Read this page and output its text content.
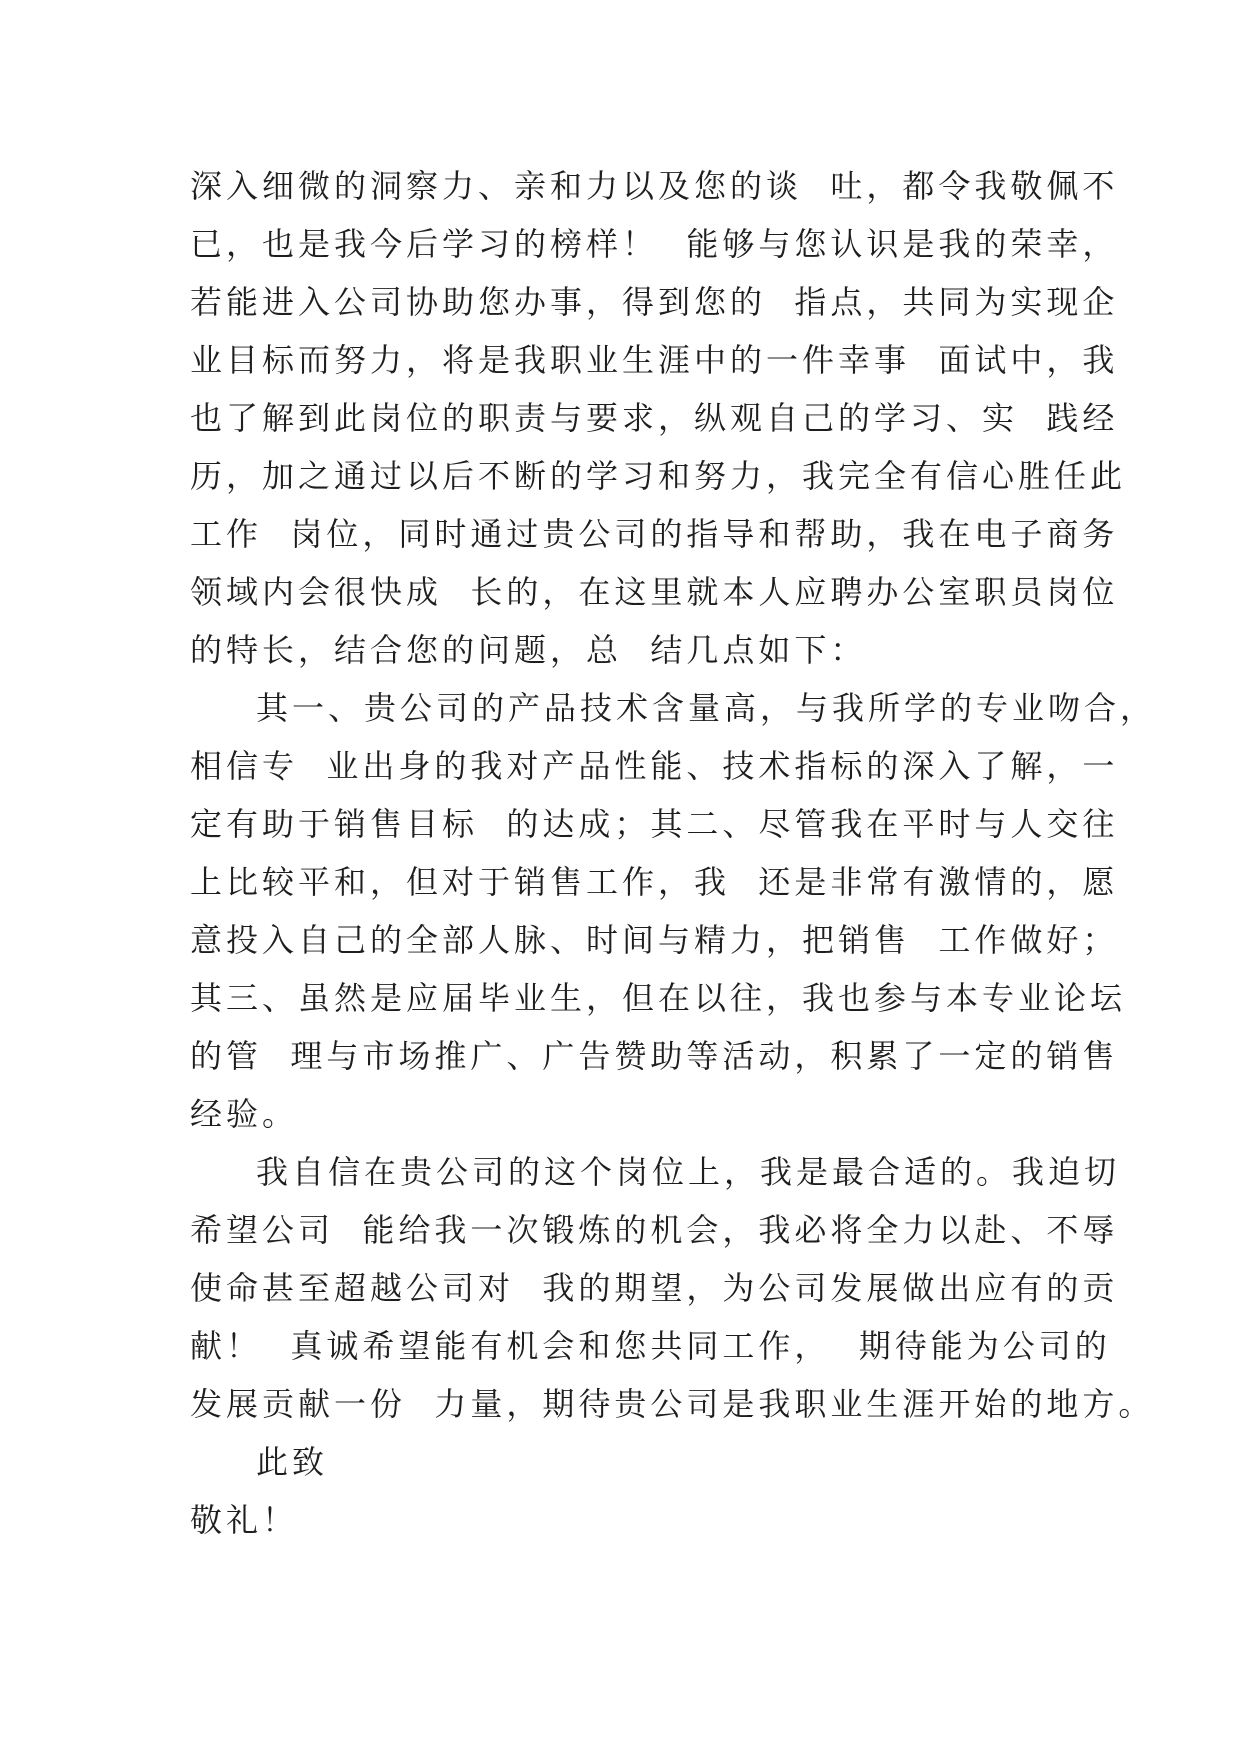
深入细微的洞察力、亲和力以及您的谈  吐，都令我敬佩不
已，也是我今后学习的榜样！  能够与您认识是我的荣幸，
若能进入公司协助您办事，得到您的  指点，共同为实现企
业目标而努力，将是我职业生涯中的一件幸事  面试中，我
也了解到此岗位的职责与要求，纵观自己的学习、实  践经
历，加之通过以后不断的学习和努力，我完全有信心胜任此
工作  岗位，同时通过贵公司的指导和帮助，我在电子商务
领域内会很快成  长的，在这里就本人应聘办公室职员岗位
的特长，结合您的问题，总  结几点如下：
其一、贵公司的产品技术含量高，与我所学的专业吻合，
相信专  业出身的我对产品性能、技术指标的深入了解，一
定有助于销售目标  的达成；其二、尽管我在平时与人交往
上比较平和，但对于销售工作，我  还是非常有激情的，愿
意投入自己的全部人脉、时间与精力，把销售  工作做好；
其三、虽然是应届毕业生，但在以往，我也参与本专业论坛
的管  理与市场推广、广告赞助等活动，积累了一定的销售
经验。
我自信在贵公司的这个岗位上，我是最合适的。我迫切
希望公司  能给我一次锻炼的机会，我必将全力以赴、不辱
使命甚至超越公司对  我的期望，为公司发展做出应有的贡
献！  真诚希望能有机会和您共同工作，  期待能为公司的
发展贡献一份  力量，期待贵公司是我职业生涯开始的地方。
此致
敬礼！
